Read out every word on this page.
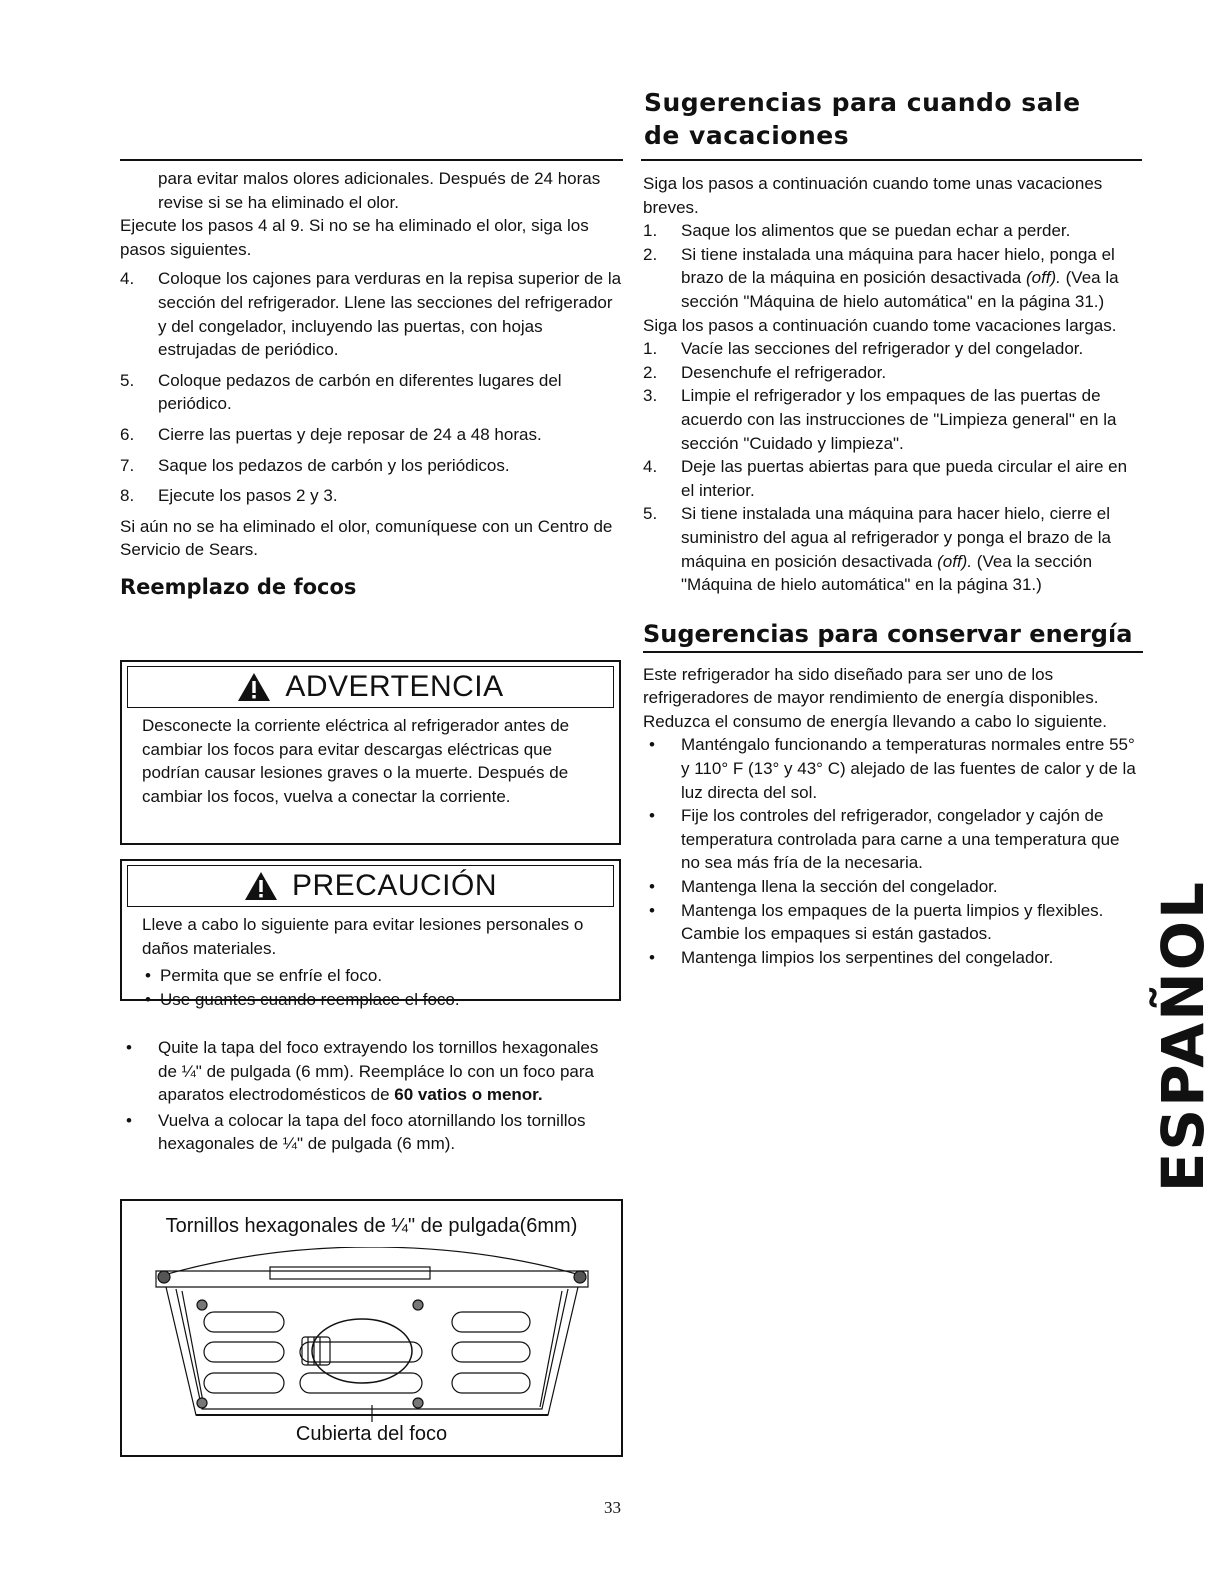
Sugerencias para cuando sale de vacaciones

para evitar malos olores adicionales. Después de 24 horas revise si se ha eliminado el olor.

Ejecute los pasos 4 al 9. Si no se ha eliminado el olor, siga los pasos siguientes.

4. Coloque los cajones para verduras en la repisa superior de la sección del refrigerador. Llene las secciones del refrigerador y del congelador, incluyendo las puertas, con hojas estrujadas de periódico.
5. Coloque pedazos de carbón en diferentes lugares del periódico.
6. Cierre las puertas y deje reposar de 24 a 48 horas.
7. Saque los pedazos de carbón y los periódicos.
8. Ejecute los pasos 2 y 3.

Si aún no se ha eliminado el olor, comuníquese con un Centro de Servicio de Sears.

Reemplazo de focos
ADVERTENCIA
Desconecte la corriente eléctrica al refrigerador antes de cambiar los focos para evitar descargas eléctricas que podrían causar lesiones graves o la muerte. Después de cambiar los focos, vuelva a conectar la corriente.
PRECAUCIÓN
Lleve a cabo lo siguiente para evitar lesiones personales o daños materiales.
• Permita que se enfríe el foco.
• Use guantes cuando reemplace el foco.
• Quite la tapa del foco extrayendo los tornillos hexagonales de ¼" de pulgada (6 mm). Reempláce lo con un foco para aparatos electrodomésticos de 60 vatios o menor.
• Vuelva a colocar la tapa del foco atornillando los tornillos hexagonales de ¼" de pulgada (6 mm).
Tornillos hexagonales de ¼" de pulgada(6mm)
Cubierta del foco

Siga los pasos a continuación cuando tome unas vacaciones breves.

1. Saque los alimentos que se puedan echar a perder.
2. Si tiene instalada una máquina para hacer hielo, ponga el brazo de la máquina en posición desactivada (off). (Vea la sección "Máquina de hielo automática" en la página 31.)

Siga los pasos a continuación cuando tome vacaciones largas.

1. Vacíe las secciones del refrigerador y del congelador.
2. Desenchufe el refrigerador.
3. Limpie el refrigerador y los empaques de las puertas de acuerdo con las instrucciones de "Limpieza general" en la sección "Cuidado y limpieza".
4. Deje las puertas abiertas para que pueda circular el aire en el interior.
5. Si tiene instalada una máquina para hacer hielo, cierre el suministro del agua al refrigerador y ponga el brazo de la máquina en posición desactivada (off). (Vea la sección "Máquina de hielo automática" en la página 31.)
Sugerencias para conservar energía

Este refrigerador ha sido diseñado para ser uno de los refrigeradores de mayor rendimiento de energía disponibles. Reduzca el consumo de energía llevando a cabo lo siguiente.

• Manténgalo funcionando a temperaturas normales entre 55° y 110° F (13° y 43° C) alejado de las fuentes de calor y de la luz directa del sol.
• Fije los controles del refrigerador, congelador y cajón de temperatura controlada para carne a una temperatura que no sea más fría de la necesaria.
• Mantenga llena la sección del congelador.
• Mantenga los empaques de la puerta limpios y flexibles. Cambie los empaques si están gastados.
• Mantenga limpios los serpentines del congelador.	ESPAÑOL
33
